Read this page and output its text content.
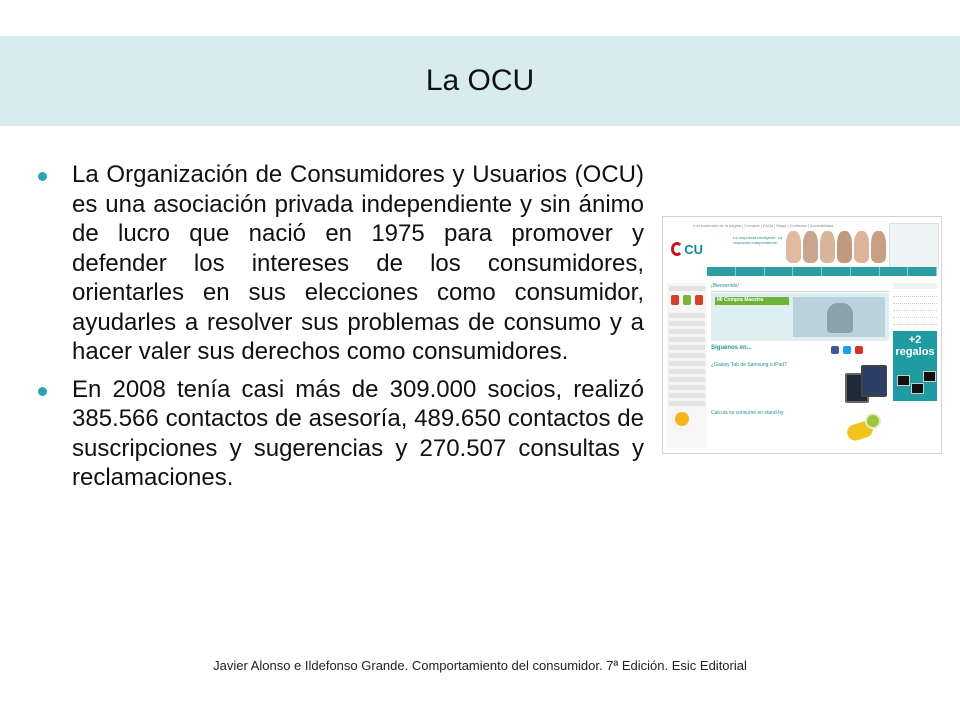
La OCU
La Organización de Consumidores y Usuarios (OCU) es una asociación privada independiente y sin ánimo de lucro que nació en 1975 para promover y defender los intereses de los consumidores, orientarles en sus elecciones como consumidor, ayudarles a resolver sus problemas de consumo y a hacer valer sus derechos como consumidores.
En 2008 tenía casi más de 309.000 socios, realizó 385.566 contactos de asesoría, 489.650 contactos de suscripciones y sugerencias y 270.507 consultas y reclamaciones.
Ir al contenido de la página | Comprar | FAQs | Mapa | Contactar | Accesibilidad
CU
La respuesta inteligente. La respuesta independiente.
¡Bienvenido!
Mi Compra Maestra
Síguenos en...
¿Galaxy Tab de Samsung o iPad?
Calcula su consumo en stand-by
+2 regalos
Javier Alonso e Ildefonso Grande. Comportamiento del consumidor. 7ª Edición. Esic Editorial
